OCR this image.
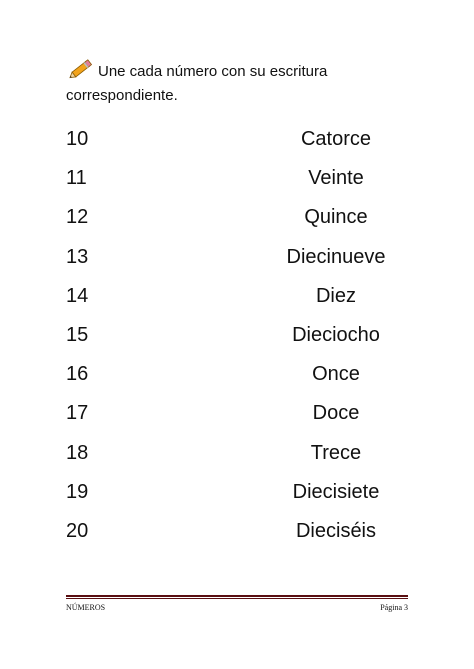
Une cada número con su escritura correspondiente.
10	Catorce
11	Veinte
12	Quince
13	Diecinueve
14	Diez
15	Dieciocho
16	Once
17	Doce
18	Trece
19	Diecisiete
20	Dieciséis
NÚMEROS	Página 3
